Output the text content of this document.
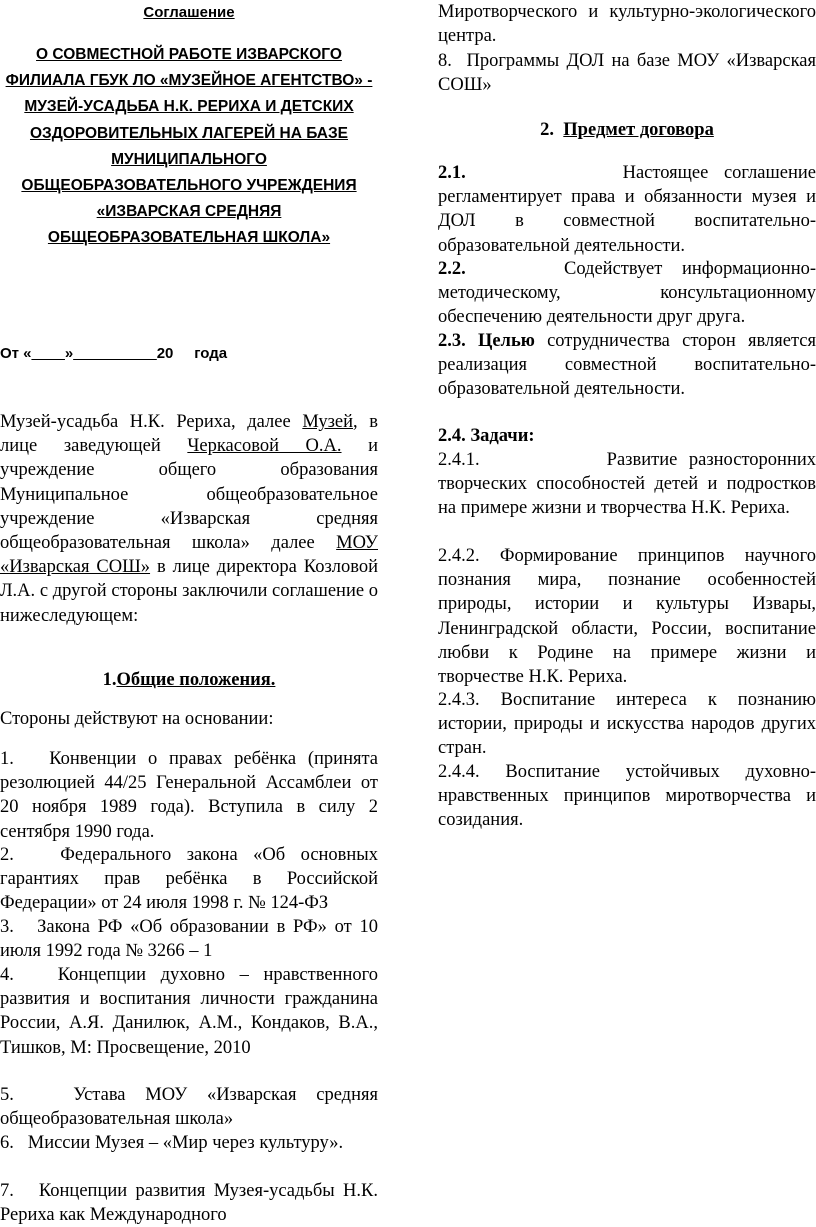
Соглашение
О СОВМЕСТНОЙ РАБОТЕ ИЗВАРСКОГО ФИЛИАЛА ГБУК ЛО «МУЗЕЙНОЕ АГЕНТСТВО» - МУЗЕЙ-УСАДЬБА Н.К. РЕРИХА И ДЕТСКИХ ОЗДОРОВИТЕЛЬНЫХ ЛАГЕРЕЙ НА БАЗЕ МУНИЦИПАЛЬНОГО ОБЩЕОБРАЗОВАТЕЛЬНОГО УЧРЕЖДЕНИЯ «ИЗВАРСКАЯ СРЕДНЯЯ ОБЩЕОБРАЗОВАТЕЛЬНАЯ ШКОЛА»
От «____»__________20 года
Музей-усадьба Н.К. Рериха, далее Музей, в лице заведующей Черкасовой О.А. и учреждение общего образования Муниципальное общеобразовательное учреждение «Изварская средняя общеобразовательная школа» далее МОУ «Изварская СОШ» в лице директора Козловой Л.А. с другой стороны заключили соглашение о нижеследующем:
1.Общие положения.
Стороны действуют на основании:
1.   Конвенции о правах ребёнка (принята резолюцией 44/25 Генеральной Ассамблеи от 20 ноября 1989 года). Вступила в силу 2 сентября 1990 года.
2.   Федерального закона «Об основных гарантиях прав ребёнка в Российской Федерации» от 24 июля 1998 г. № 124-ФЗ
3.   Закона РФ «Об образовании в РФ» от 10 июля 1992 года № 3266 – 1
4.   Концепции духовно – нравственного развития и воспитания личности гражданина России, А.Я. Данилюк, А.М., Кондаков, В.А., Тишков, М: Просвещение, 2010
5.   Устава МОУ «Изварская средняя общеобразовательная школа»
6.   Миссии Музея – «Мир через культуру».
7.   Концепции развития Музея-усадьбы Н.К. Рериха как Международного
Миротворческого и культурно-экологического центра.
8.  Программы ДОЛ на базе МОУ «Изварская СОШ»
2. Предмет договора
2.1.          Настоящее соглашение регламентирует права и обязанности музея и ДОЛ в совместной воспитательно-образовательной деятельности.
2.2.     Содействует информационно-методическому, консультационному обеспечению деятельности друг друга.
2.3. Целью сотрудничества сторон является реализация совместной воспитательно-образовательной деятельности.
2.4. Задачи:
2.4.1.           Развитие разносторонних творческих способностей детей и подростков на примере жизни и творчества Н.К. Рериха.
2.4.2. Формирование принципов научного познания мира, познание особенностей природы, истории и культуры Извары, Ленинградской области, России, воспитание любви к Родине на примере жизни и творчестве Н.К. Рериха.
2.4.3. Воспитание интереса к познанию истории, природы и искусства народов других стран.
2.4.4. Воспитание устойчивых духовно-нравственных принципов миротворчества и созидания.
